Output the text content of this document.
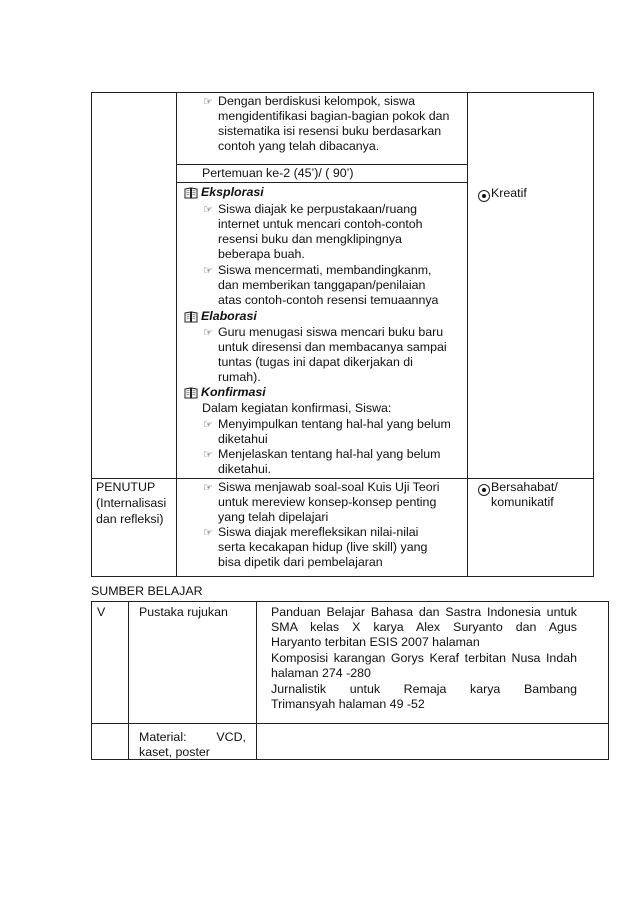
☞ Dengan berdiskusi kelompok, siswa
mengidentifikasi bagian-bagian pokok dan
sistematika isi resensi buku berdasarkan
contoh yang telah dibacanya.
Pertemuan ke-2 (45’)/ ( 90’)
Eksplorasi
☞ Siswa diajak ke perpustakaan/ruang
internet untuk mencari contoh-contoh
resensi buku dan mengklipingnya
beberapa buah.
☞ Siswa mencermati, membandingkanm,
dan memberikan tanggapan/penilaian
atas contoh-contoh resensi temuaannya
Kreatif
Elaborasi
☞ Guru menugasi siswa mencari buku baru
untuk diresensi dan membacanya sampai
tuntas (tugas ini dapat dikerjakan di
rumah).
Konfirmasi
Dalam kegiatan konfirmasi, Siswa:
☞ Menyimpulkan tentang hal-hal yang belum
diketahui
☞ Menjelaskan tentang hal-hal yang belum
diketahui.
PENUTUP
(Internalisasi
dan refleksi)
☞ Siswa menjawab soal-soal Kuis Uji Teori
untuk mereview konsep-konsep penting
yang telah dipelajari
☞ Siswa diajak merefleksikan nilai-nilai
serta kecakapan hidup (live skill) yang
bisa dipetik dari pembelajaran
Bersahabat/
komunikatif
SUMBER BELAJAR
V	Pustaka rujukan	Panduan Belajar Bahasa dan Sastra Indonesia untuk
SMA kelas X karya Alex Suryanto dan Agus
Haryanto terbitan ESIS 2007 halaman
Komposisi karangan Gorys Keraf terbitan Nusa Indah
halaman 274 -280
Jurnalistik untuk Remaja karya Bambang
Trimansyah halaman 49 -52
Material: VCD,
kaset, poster
